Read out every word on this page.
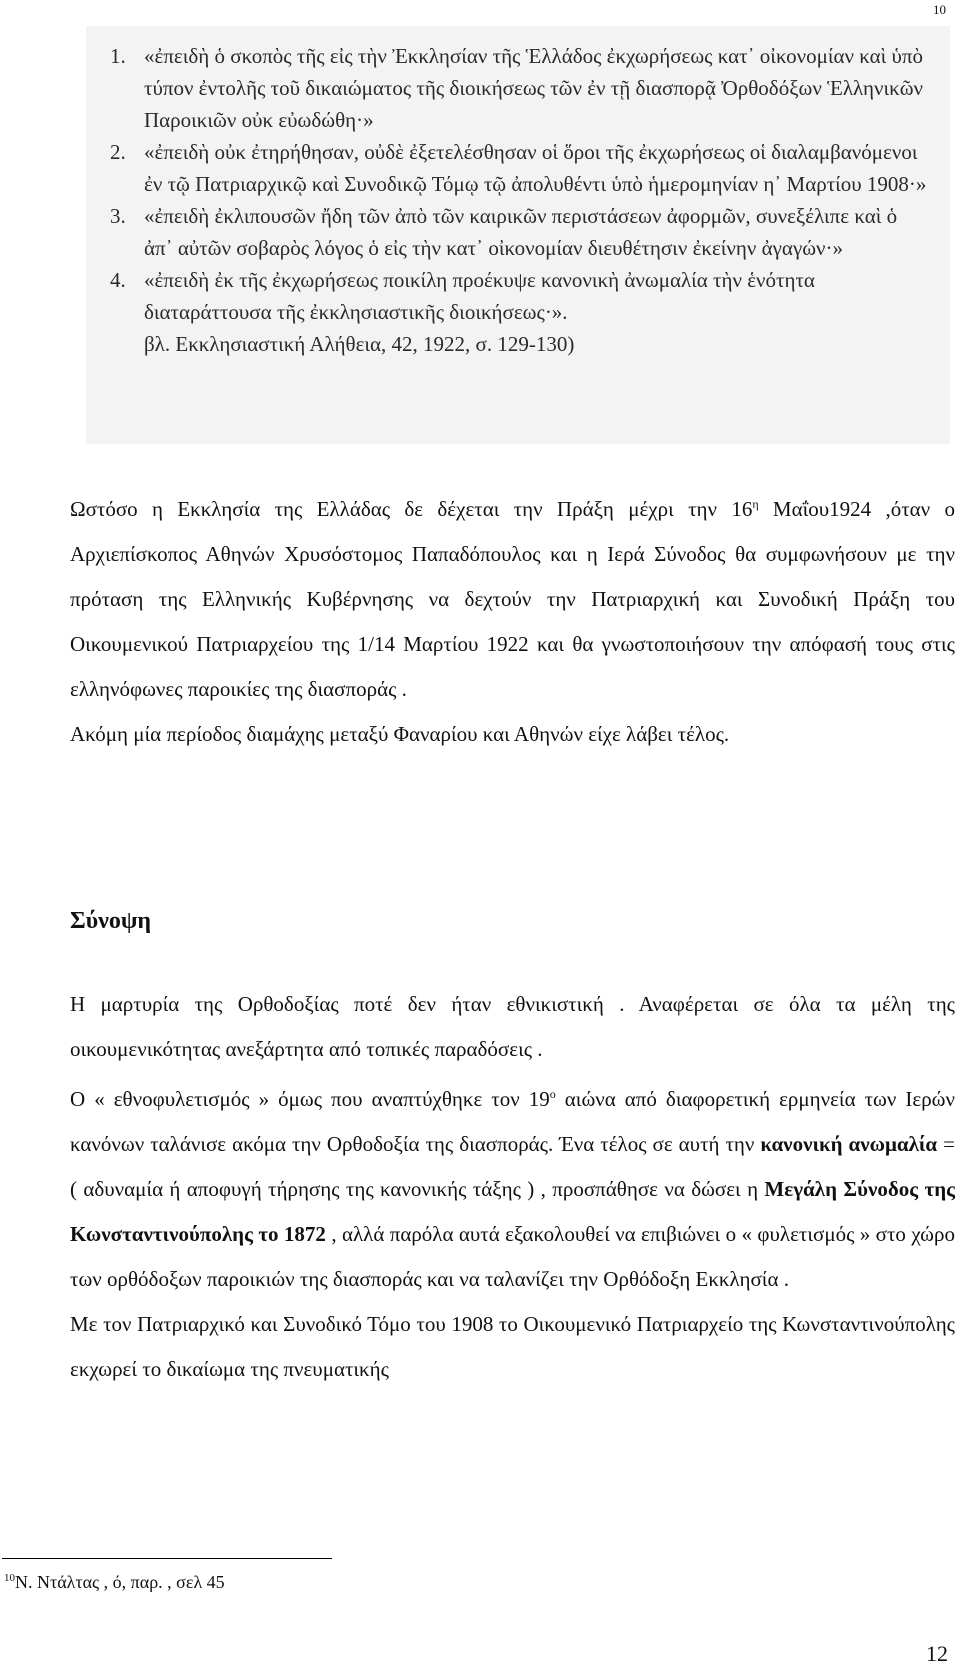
10
1. «ἐπειδὴ ὁ σκοπὸς τῆς εἰς τὴν Ἐκκλησίαν τῆς Ἑλλάδος ἐκχωρήσεως κατ᾽ οἰκονομίαν καὶ ὑπὸ τύπον ἐντολῆς τοῦ δικαιώματος τῆς διοικήσεως τῶν ἐν τῇ διασπορᾷ Ὀρθοδόξων Ἑλληνικῶν Παροικιῶν οὐκ εὐωδώθη·»
2. «ἐπειδὴ οὐκ ἐτηρήθησαν, οὐδὲ ἐξετελέσθησαν οἱ ὅροι τῆς ἐκχωρήσεως οἱ διαλαμβανόμενοι ἐν τῷ Πατριαρχικῷ καὶ Συνοδικῷ Τόμῳ τῷ ἀπολυθέντι ὑπὸ ἡμερομηνίαν η᾽ Μαρτίου 1908·»
3. «ἐπειδὴ ἐκλιπουσῶν ἤδη τῶν ἀπὸ τῶν καιρικῶν περιστάσεων ἀφορμῶν, συνεξέλιπε καὶ ὁ ἀπ᾽ αὐτῶν σοβαρὸς λόγος ὁ εἰς τὴν κατ᾽ οἰκονομίαν διευθέτησιν ἐκείνην ἀγαγών·»
4. «ἐπειδὴ ἐκ τῆς ἐκχωρήσεως ποικίλη προέκυψε κανονικὴ ἀνωμαλία τὴν ἑνότητα διαταράττουσα τῆς ἐκκλησιαστικῆς διοικήσεως·».
βλ. Εκκλησιαστική Αλήθεια, 42, 1922, σ. 129-130)

Ωστόσο η Εκκλησία της Ελλάδας δε δέχεται την Πράξη μέχρι την $16^\eta$ Μαΐου1924 ,όταν ο Αρχιεπίσκοπος Αθηνών Χρυσόστομος Παπαδόπουλος και η Ιερά Σύνοδος θα συμφωνήσουν με την πρόταση της Ελληνικής Κυβέρνησης να δεχτούν την Πατριαρχική και Συνοδική Πράξη του Οικουμενικού Πατριαρχείου της 1/14 Μαρτίου 1922 και θα γνωστοποιήσουν την απόφασή τους στις ελληνόφωνες παροικίες της διασποράς .

Ακόμη μία περίοδος διαμάχης μεταξύ Φαναρίου και Αθηνών είχε λάβει τέλος.

Σύνοψη

Η μαρτυρία της Ορθοδοξίας ποτέ δεν ήταν εθνικιστική . Αναφέρεται σε όλα τα μέλη της οικουμενικότητας ανεξάρτητα από τοπικές παραδόσεις .

Ο « εθνοφυλετισμός » όμως που αναπτύχθηκε τον $19^o$ αιώνα από διαφορετική ερμηνεία των Ιερών κανόνων ταλάνισε ακόμα την Ορθοδοξία της διασποράς. Ένα τέλος σε αυτή την κανονική ανωμαλία = ( αδυναμία ή αποφυγή τήρησης της κανονικής τάξης ) , προσπάθησε να δώσει η Μεγάλη Σύνοδος της Κωνσταντινούπολης το 1872 , αλλά παρόλα αυτά εξακολουθεί να επιβιώνει ο « φυλετισμός » στο χώρο των ορθόδοξων παροικιών της διασποράς και να ταλανίζει την Ορθόδοξη Εκκλησία .

Με τον Πατριαρχικό και Συνοδικό Τόμο του 1908 το Οικουμενικό Πατριαρχείο της Κωνσταντινούπολης εκχωρεί το δικαίωμα της πνευματικής

$^{10}$Ν. Ντάλτας , ό, παρ. , σελ 45
12
